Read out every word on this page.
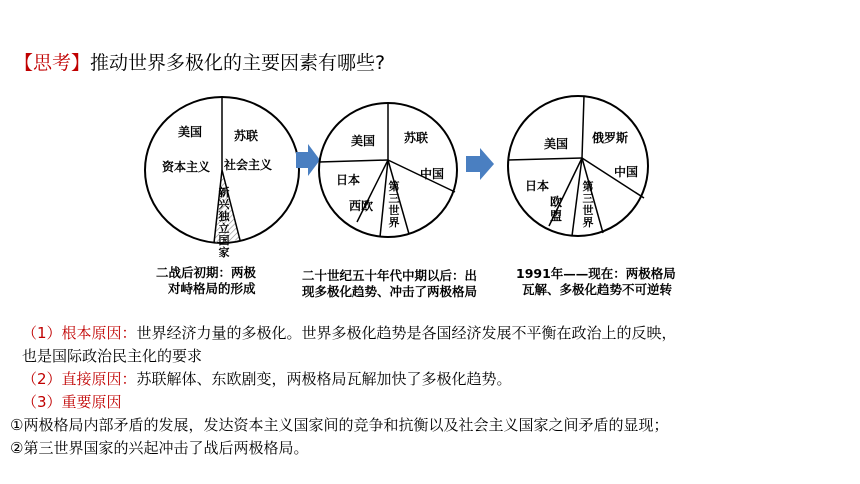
【思考】推动世界多极化的主要因素有哪些?
美国	苏联
资本主义 社会主义
新兴独立国家
美国 苏联
日本	中国
西欧
第三世界
美国 俄罗斯
日本
中国
欧盟
第三世界
二战后初期：两极
对峙格局的形成
二十世纪五十年代中期以后：出
现多极化趋势、冲击了两极格局
1991年——现在：两极格局
瓦解、多极化趋势不可逆转
（1）根本原因：世界经济力量的多极化。世界多极化趋势是各国经济发展不平衡在政治上的反映，
也是国际政治民主化的要求
（2）直接原因：苏联解体、东欧剧变，两极格局瓦解加快了多极化趋势。
（3）重要原因
①两极格局内部矛盾的发展，发达资本主义国家间的竞争和抗衡以及社会主义国家之间矛盾的显现；
②第三世界国家的兴起冲击了战后两极格局。
